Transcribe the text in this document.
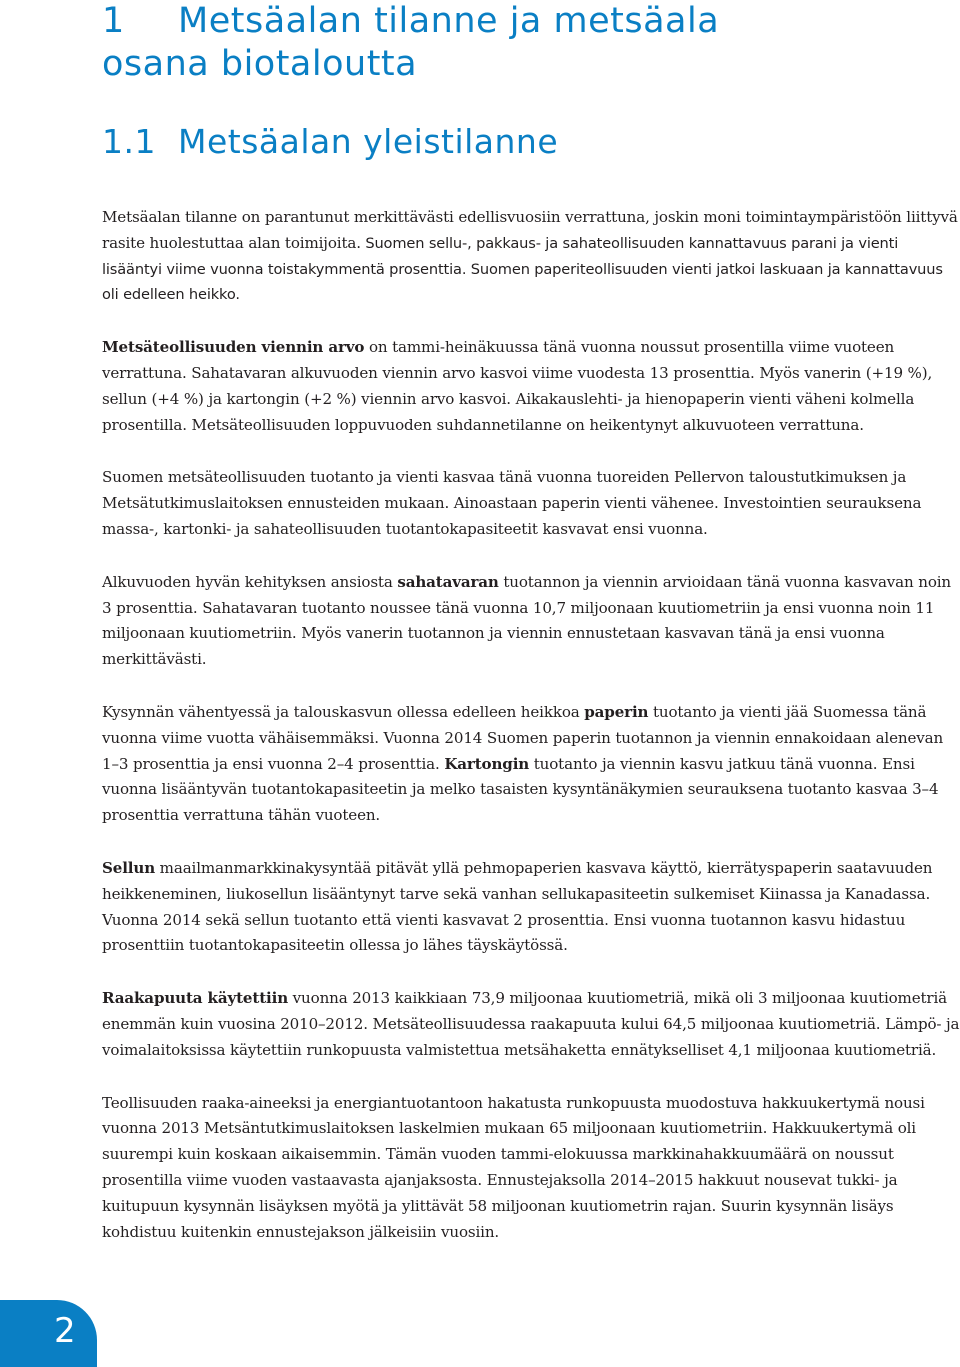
1 Metsäalan tilanne ja metsäala
osana biotaloutta
1.1 Metsäalan yleistilanne

Metsäalan tilanne on parantunut merkittävästi edellisvuosiin verrattuna, joskin moni toimintaympäristöön liittyvä rasite huolestuttaa alan toimijoita. Suomen sellu-, pakkaus- ja sahateollisuuden kannattavuus parani ja vienti lisääntyi viime vuonna toistakymmentä prosenttia. Suomen paperiteollisuuden vienti jatkoi laskuaan ja kannattavuus oli edelleen heikko.

Metsäteollisuuden viennin arvo on tammi-heinäkuussa tänä vuonna noussut prosentilla viime vuoteen verrattuna. Sahatavaran alkuvuoden viennin arvo kasvoi viime vuodesta 13 prosenttia. Myös vanerin (+19 %), sellun (+4 %) ja kartongin (+2 %) viennin arvo kasvoi. Aikakauslehti- ja hienopaperin vienti väheni kolmella prosentilla. Metsäteollisuuden loppuvuoden suhdannetilanne on heikentynyt alkuvuoteen verrattuna.

Suomen metsäteollisuuden tuotanto ja vienti kasvaa tänä vuonna tuoreiden Pellervon taloustutkimuksen ja Metsätutkimuslaitoksen ennusteiden mukaan. Ainoastaan paperin vienti vähenee. Investointien seurauksena massa-, kartonki- ja sahateollisuuden tuotantokapasiteetit kasvavat ensi vuonna.

Alkuvuoden hyvän kehityksen ansiosta sahatavaran tuotannon ja viennin arvioidaan tänä vuonna kasvavan noin 3 prosenttia. Sahatavaran tuotanto noussee tänä vuonna 10,7 miljoonaan kuutiometriin ja ensi vuonna noin 11 miljoonaan kuutiometriin. Myös vanerin tuotannon ja viennin ennustetaan kasvavan tänä ja ensi vuonna merkittävästi.

Kysynnän vähentyessä ja talouskasvun ollessa edelleen heikkoa paperin tuotanto ja vienti jää Suomessa tänä vuonna viime vuotta vähäisemmäksi. Vuonna 2014 Suomen paperin tuotannon ja viennin ennakoidaan alenevan 1–3 prosenttia ja ensi vuonna 2–4 prosenttia. Kartongin tuotanto ja viennin kasvu jatkuu tänä vuonna. Ensi vuonna lisääntyvän tuotantokapasiteetin ja melko tasaisten kysyntänäkymien seurauksena tuotanto kasvaa 3–4 prosenttia verrattuna tähän vuoteen.

Sellun maailmanmarkkinakysyntää pitävät yllä pehmopaperien kasvava käyttö, kierrätyspaperin saatavuuden heikkeneminen, liukosellun lisääntynyt tarve sekä vanhan sellukapasiteetin sulkemiset Kiinassa ja Kanadassa. Vuonna 2014 sekä sellun tuotanto että vienti kasvavat 2 prosenttia. Ensi vuonna tuotannon kasvu hidastuu prosenttiin tuotantokapasiteetin ollessa jo lähes täyskäytössä.

Raakapuuta käytettiin vuonna 2013 kaikkiaan 73,9 miljoonaa kuutiometriä, mikä oli 3 miljoonaa kuutiometriä enemmän kuin vuosina 2010–2012. Metsäteollisuudessa raakapuuta kului 64,5 miljoonaa kuutiometriä. Lämpö- ja voimalaitoksissa käytettiin runkopuusta valmistettua metsähaketta ennätykselliset 4,1 miljoonaa kuutiometriä.

Teollisuuden raaka-aineeksi ja energiantuotantoon hakatusta runkopuusta muodostuva hakkuukertymä nousi vuonna 2013 Metsäntutkimuslaitoksen laskelmien mukaan 65 miljoonaan kuutiometriin. Hakkuukertymä oli suurempi kuin koskaan aikaisemmin. Tämän vuoden tammi-elokuussa markkinahakkuumäärä on noussut prosentilla viime vuoden vastaavasta ajanjaksosta. Ennustejaksolla 2014–2015 hakkuut nousevat tukki- ja kuitupuun kysynnän lisäyksen myötä ja ylittävät 58 miljoonan kuutiometrin rajan. Suurin kysynnän lisäys kohdistuu kuitenkin ennustejakson jälkeisiin vuosiin.

2
